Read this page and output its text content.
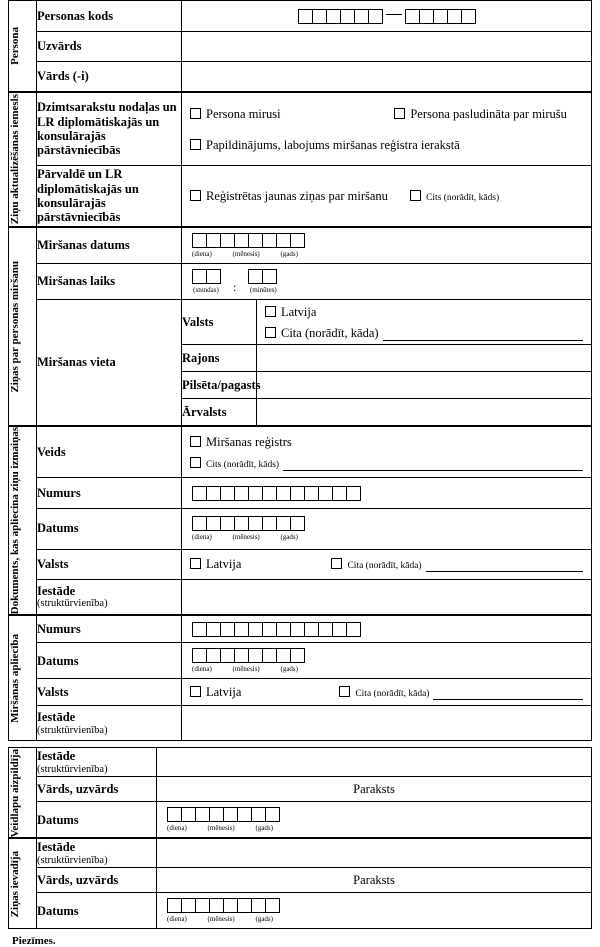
Persona	Personas kods	

	Uzvārds	
	Vārds (-i)	
Ziņu aktualizēšanas iemesls	Dzimtsarakstu nodaļas un LR diplomātiskajās un konsulārajās pārstāvniecībās	Persona mirusi Persona pasludināta par mirušu
Papildinājums, labojums miršanas reģistra ierakstā

	Pārvaldē un LR diplomātiskajās un konsulārajās pārstāvniecībās	Reģistrētas jaunas ziņas par miršanu Cits (norādīt, kāds)
Ziņas par personas miršanu	Miršanas datums	(diena) (mēnesis) (gads)	

	Miršanas laiks	(stundas) : (minūtes)	

	Miršanas vieta	Valsts	Latvija
Cita (norādīt, kāda)

		Rajons	
		Pilsēta/pagasts	
		Ārvalsts	
Dokuments, kas apliecina ziņu izmaiņas	Veids	Miršanas reģistrs
Cits (norādīt, kāds)

	Numurs	

	Datums	(diena) (mēnesis) (gads)

	Valsts	Latvija Cita (norādīt, kāda)

	Iestāde
(struktūrvienība)	

Miršanas apliecība	Numurs	

	Datums	(diena) (mēnesis) (gads)

	Valsts	Latvija Cita (norādīt, kāda)

	Iestāde
(struktūrvienība)	

Veidlapu aizpildīja	Iestāde
(struktūrvienība)	

	Vārds, uzvārds	Paraksts
	Datums	(diena) (mēnesis) (gads)
Ziņas ievadīja	Iestāde
(struktūrvienība)	

	Vārds, uzvārds	Paraksts
	Datums	(diena) (mēnesis) (gads)
Piezīmes.
